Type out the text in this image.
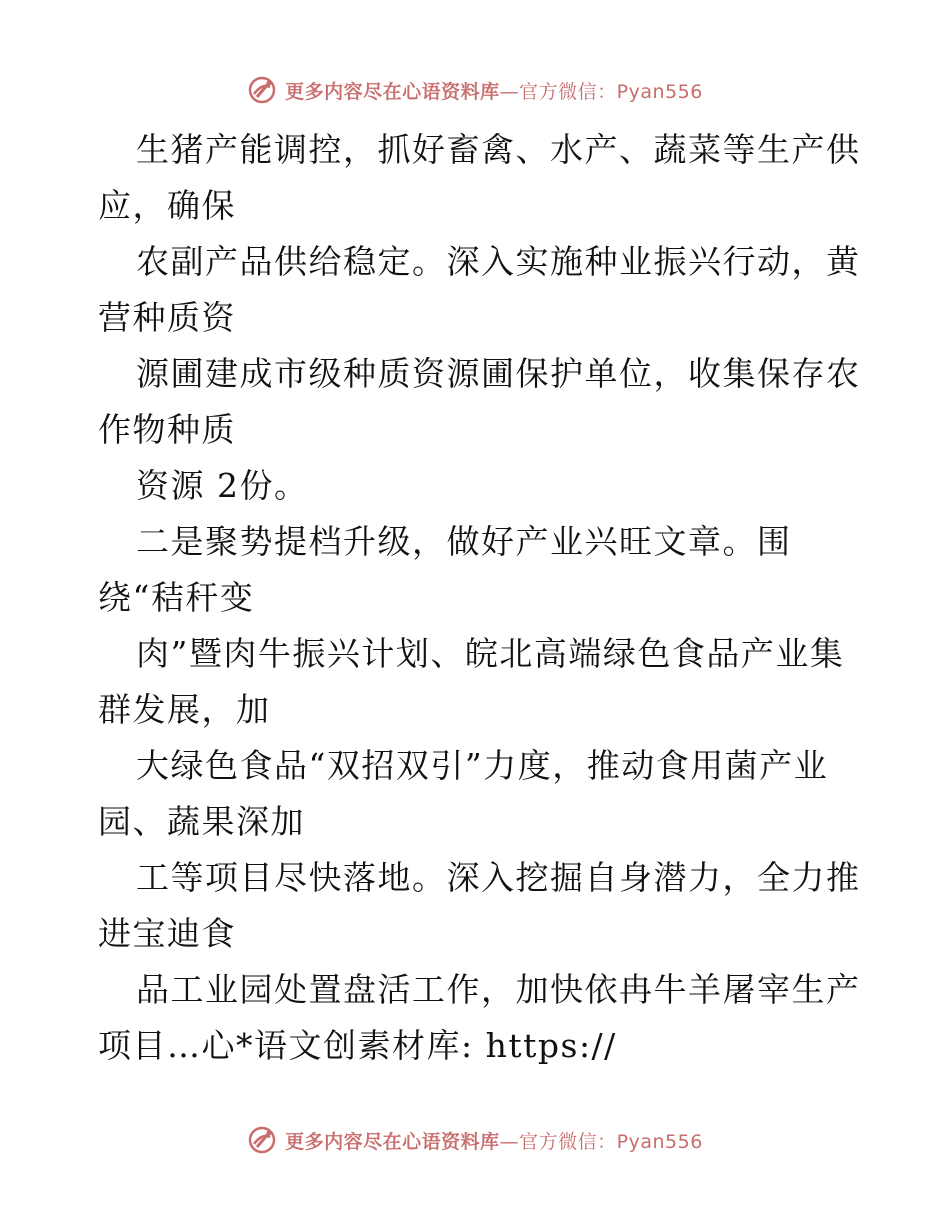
更多内容尽在心语资料库—官方微信：Pyan556
生猪产能调控，抓好畜禽、水产、蔬菜等生产供
应，确保
农副产品供给稳定。深入实施种业振兴行动，黄
营种质资
源圃建成市级种质资源圃保护单位，收集保存农
作物种质
资源 2份。
二是聚势提档升级，做好产业兴旺文章。围
绕“秸秆变
肉”暨肉牛振兴计划、皖北高端绿色食品产业集
群发展，加
大绿色食品“双招双引”力度，推动食用菌产业
园、蔬果深加
工等项目尽快落地。深入挖掘自身潜力，全力推
进宝迪食
品工业园处置盘活工作，加快依冉牛羊屠宰生产
项目…心*语文创素材库: https://
更多内容尽在心语资料库—官方微信：Pyan556
